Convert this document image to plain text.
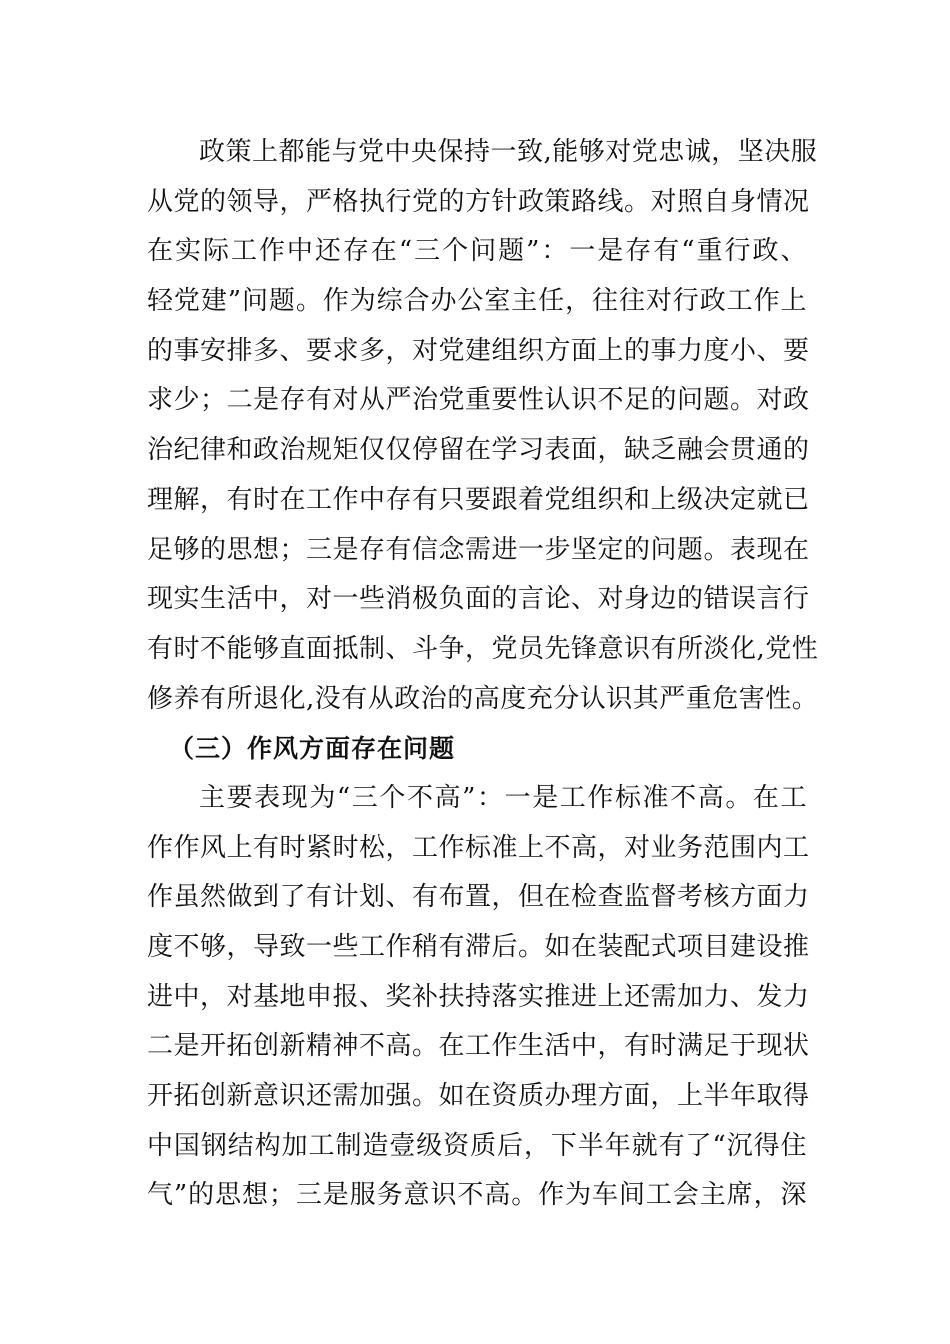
政策上都能与党中央保持一致,能够对党忠诚，坚决服
从党的领导，严格执行党的方针政策路线。对照自身情况
在实际工作中还存在“三个问题”：一是存有“重行政、
轻党建”问题。作为综合办公室主任，往往对行政工作上
的事安排多、要求多，对党建组织方面上的事力度小、要
求少；二是存有对从严治党重要性认识不足的问题。对政
治纪律和政治规矩仅仅停留在学习表面，缺乏融会贯通的
理解，有时在工作中存有只要跟着党组织和上级决定就已
足够的思想；三是存有信念需进一步坚定的问题。表现在
现实生活中，对一些消极负面的言论、对身边的错误言行
有时不能够直面抵制、斗争，党员先锋意识有所淡化,党性
修养有所退化,没有从政治的高度充分认识其严重危害性。
（三）作风方面存在问题
主要表现为“三个不高”：一是工作标准不高。在工
作作风上有时紧时松，工作标准上不高，对业务范围内工
作虽然做到了有计划、有布置，但在检查监督考核方面力
度不够，导致一些工作稍有滞后。如在装配式项目建设推
进中，对基地申报、奖补扶持落实推进上还需加力、发力
二是开拓创新精神不高。在工作生活中，有时满足于现状
开拓创新意识还需加强。如在资质办理方面，上半年取得
中国钢结构加工制造壹级资质后，下半年就有了“沉得住
气”的思想；三是服务意识不高。作为车间工会主席，深
